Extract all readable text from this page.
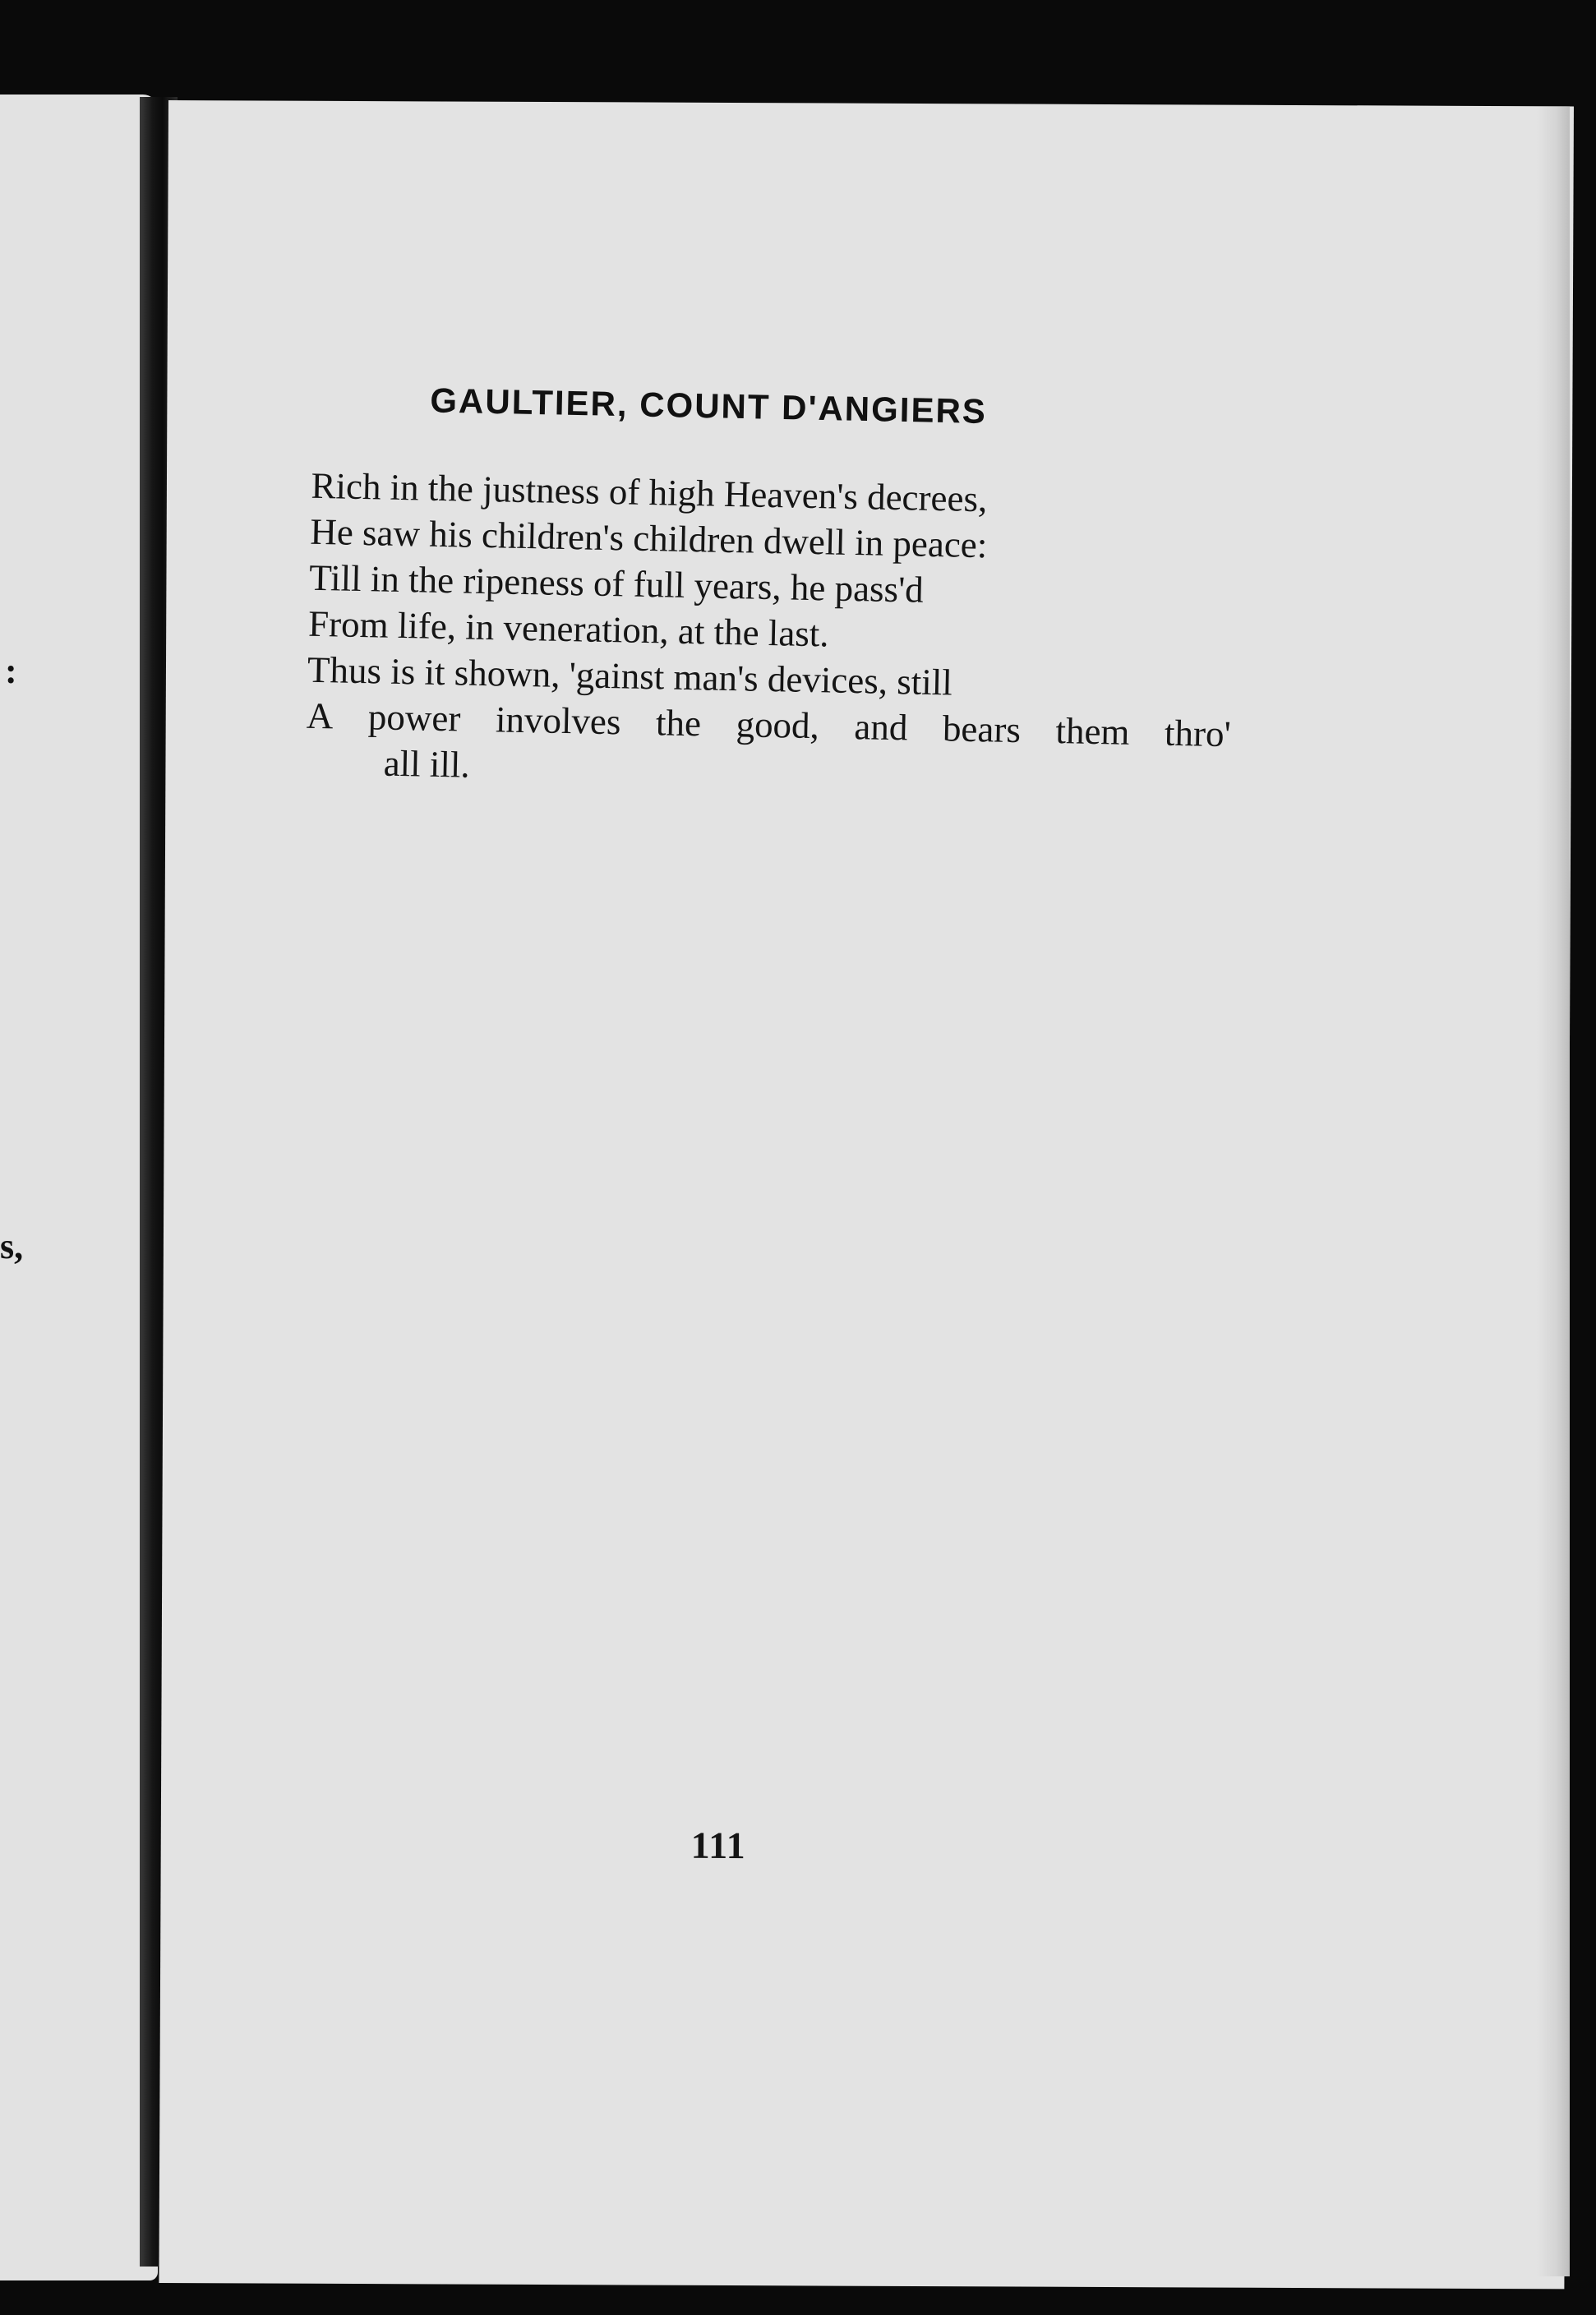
:
s,
GAULTIER, COUNT D'ANGIERS
Rich in the justness of high Heaven's decrees,
He saw his children's children dwell in peace:
Till in the ripeness of full years, he pass'd
From life, in veneration, at the last.
Thus is it shown, 'gainst man's devices, still
A power involves the good, and bears them thro'
all ill.
111
